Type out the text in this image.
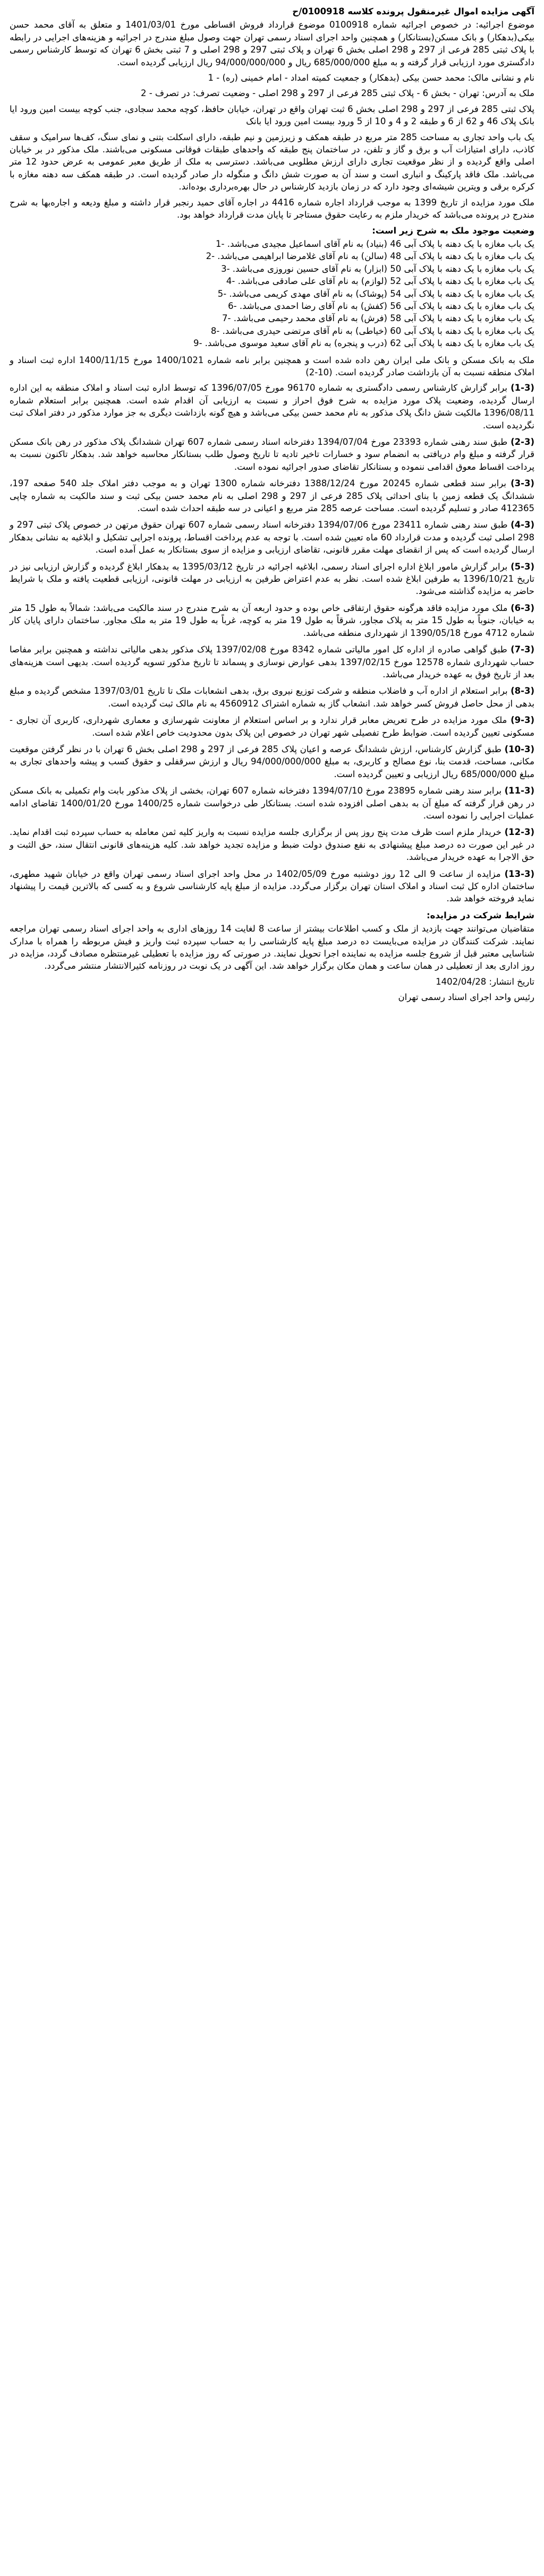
آگهی مزایده اموال غیرمنقول پرونده کلاسه 0100918/ح

موضوع اجرائیه: در خصوص اجرائیه شماره 0100918 موضوع قرارداد فروش اقساطی مورخ 1401/03/01 و متعلق به آقای محمد حسن بیکی(بدهکار) و بانک مسکن(بستانکار) و همچنین واحد اجرای اسناد رسمی تهران جهت وصول مبلغ مندرج در اجرائیه و هزینه‌های اجرایی در رابطه با پلاک ثبتی 285 فرعی از 297 و 298 اصلی بخش 6 تهران و پلاک ثبتی 297 و 298 اصلی و 7 ثبتی بخش 6 تهران که توسط کارشناس رسمی دادگستری مورد ارزیابی قرار گرفته و به مبلغ 685/000/000 ریال و 94/000/000/000 ریال ارزیابی گردیده است.

نام و نشانی مالک: محمد حسن بیکی (بدهکار) و جمعیت کمیته امداد - امام خمینی (ره) - 1

ملک به آدرس: تهران - بخش 6 - پلاک ثبتی 285 فرعی از 297 و 298 اصلی - وضعیت تصرف: در تصرف - 2

پلاک ثبتی 285 فرعی از 297 و 298 اصلی بخش 6 ثبت تهران واقع در تهران، خیابان حافظ، کوچه محمد سجادی، جنب کوچه بیست امین ورود ایا بانک پلاک 46 و 62 از 6 و طبقه 2 و 4 و 10 از 5 ورود بیست امین ورود ایا بانک

یک باب واحد تجاری به مساحت 285 متر مربع در طبقه همکف و زیرزمین و نیم طبقه، دارای اسکلت بتنی و نمای سنگ، کف‌ها سرامیک و سقف کاذب، دارای امتیازات آب و برق و گاز و تلفن، در ساختمان پنج طبقه که واحدهای طبقات فوقانی مسکونی می‌باشند. ملک مذکور در بر خیابان اصلی واقع گردیده و از نظر موقعیت تجاری دارای ارزش مطلوبی می‌باشد. دسترسی به ملک از طریق معبر عمومی به عرض حدود 12 متر می‌باشد. ملک فاقد پارکینگ و انباری است و سند آن به صورت شش دانگ و منگوله دار صادر گردیده است. در طبقه همکف سه دهنه مغازه با کرکره برقی و ویترین شیشه‌ای وجود دارد که در زمان بازدید کارشناس در حال بهره‌برداری بوده‌اند.

ملک مورد مزایده از تاریخ 1399 به موجب قرارداد اجاره شماره 4416 در اجاره آقای حمید رنجبر قرار داشته و مبلغ ودیعه و اجاره‌بها به شرح مندرج در پرونده می‌باشد که خریدار ملزم به رعایت حقوق مستاجر تا پایان مدت قرارداد خواهد بود.

وضعیت موجود ملک به شرح زیر است:

یک باب مغازه با یک دهنه با پلاک آبی 46 (بنیاد) به نام آقای اسماعیل مجیدی می‌باشد. -1

یک باب مغازه با یک دهنه با پلاک آبی 48 (سالن) به نام آقای غلامرضا ابراهیمی می‌باشد. -2

یک باب مغازه با یک دهنه با پلاک آبی 50 (ابزار) به نام آقای حسین نوروزی می‌باشد. -3

یک باب مغازه با یک دهنه با پلاک آبی 52 (لوازم) به نام آقای علی صادقی می‌باشد. -4

یک باب مغازه با یک دهنه با پلاک آبی 54 (پوشاک) به نام آقای مهدی کریمی می‌باشد. -5

یک باب مغازه با یک دهنه با پلاک آبی 56 (کفش) به نام آقای رضا احمدی می‌باشد. -6

یک باب مغازه با یک دهنه با پلاک آبی 58 (فرش) به نام آقای محمد رحیمی می‌باشد. -7

یک باب مغازه با یک دهنه با پلاک آبی 60 (خیاطی) به نام آقای مرتضی حیدری می‌باشد. -8

یک باب مغازه با یک دهنه با پلاک آبی 62 (درب و پنجره) به نام آقای سعید موسوی می‌باشد. -9

ملک به بانک مسکن و بانک ملی ایران رهن داده شده است و همچنین برابر نامه شماره 1400/1021 مورخ 1400/11/15 اداره ثبت اسناد و املاک منطقه نسبت به آن بازداشت صادر گردیده است. (10-2)

(1-3) برابر گزارش کارشناس رسمی دادگستری به شماره 96170 مورخ 1396/07/05 که توسط اداره ثبت اسناد و املاک منطقه به این اداره ارسال گردیده، وضعیت پلاک مورد مزایده به شرح فوق احراز و نسبت به ارزیابی آن اقدام شده است. همچنین برابر استعلام شماره 1396/08/11 مالکیت شش دانگ پلاک مذکور به نام محمد حسن بیکی می‌باشد و هیچ گونه بازداشت دیگری به جز موارد مذکور در دفتر املاک ثبت نگردیده است.

(2-3) طبق سند رهنی شماره 23393 مورخ 1394/07/04 دفترخانه اسناد رسمی شماره 607 تهران ششدانگ پلاک مذکور در رهن بانک مسکن قرار گرفته و مبلغ وام دریافتی به انضمام سود و خسارات تاخیر تادیه تا تاریخ وصول طلب بستانکار محاسبه خواهد شد. بدهکار تاکنون نسبت به پرداخت اقساط معوق اقدامی ننموده و بستانکار تقاضای صدور اجرائیه نموده است.

(3-3) برابر سند قطعی شماره 20245 مورخ 1388/12/24 دفترخانه شماره 1300 تهران و به موجب دفتر املاک جلد 540 صفحه 197، ششدانگ یک قطعه زمین با بنای احداثی پلاک 285 فرعی از 297 و 298 اصلی به نام محمد حسن بیکی ثبت و سند مالکیت به شماره چاپی 412365 صادر و تسلیم گردیده است. مساحت عرصه 285 متر مربع و اعیانی در سه طبقه احداث شده است.

(4-3) طبق سند رهنی شماره 23411 مورخ 1394/07/06 دفترخانه اسناد رسمی شماره 607 تهران حقوق مرتهن در خصوص پلاک ثبتی 297 و 298 اصلی ثبت گردیده و مدت قرارداد 60 ماه تعیین شده است. با توجه به عدم پرداخت اقساط، پرونده اجرایی تشکیل و ابلاغیه به نشانی بدهکار ارسال گردیده است که پس از انقضای مهلت مقرر قانونی، تقاضای ارزیابی و مزایده از سوی بستانکار به عمل آمده است.

(5-3) برابر گزارش مامور ابلاغ اداره اجرای اسناد رسمی، ابلاغیه اجرائیه در تاریخ 1395/03/12 به بدهکار ابلاغ گردیده و گزارش ارزیابی نیز در تاریخ 1396/10/21 به طرفین ابلاغ شده است. نظر به عدم اعتراض طرفین به ارزیابی در مهلت قانونی، ارزیابی قطعیت یافته و ملک با شرایط حاضر به مزایده گذاشته می‌شود.

(6-3) ملک مورد مزایده فاقد هرگونه حقوق ارتفاقی خاص بوده و حدود اربعه آن به شرح مندرج در سند مالکیت می‌باشد: شمالاً به طول 15 متر به خیابان، جنوباً به طول 15 متر به پلاک مجاور، شرقاً به طول 19 متر به کوچه، غرباً به طول 19 متر به ملک مجاور. ساختمان دارای پایان کار شماره 4712 مورخ 1390/05/18 از شهرداری منطقه می‌باشد.

(7-3) طبق گواهی صادره از اداره کل امور مالیاتی شماره 8342 مورخ 1397/02/08 پلاک مذکور بدهی مالیاتی نداشته و همچنین برابر مفاصا حساب شهرداری شماره 12578 مورخ 1397/02/15 بدهی عوارض نوسازی و پسماند تا تاریخ مذکور تسویه گردیده است. بدیهی است هزینه‌های بعد از تاریخ فوق به عهده خریدار می‌باشد.

(8-3) برابر استعلام از اداره آب و فاضلاب منطقه و شرکت توزیع نیروی برق، بدهی انشعابات ملک تا تاریخ 1397/03/01 مشخص گردیده و مبلغ بدهی از محل حاصل فروش کسر خواهد شد. انشعاب گاز به شماره اشتراک 4560912 به نام مالک ثبت گردیده است.

(9-3) ملک مورد مزایده در طرح تعریض معابر قرار ندارد و بر اساس استعلام از معاونت شهرسازی و معماری شهرداری، کاربری آن تجاری - مسکونی تعیین گردیده است. ضوابط طرح تفصیلی شهر تهران در خصوص این پلاک بدون محدودیت خاص اعلام شده است.

(10-3) طبق گزارش کارشناس، ارزش ششدانگ عرصه و اعیان پلاک 285 فرعی از 297 و 298 اصلی بخش 6 تهران با در نظر گرفتن موقعیت مکانی، مساحت، قدمت بنا، نوع مصالح و کاربری، به مبلغ 94/000/000/000 ریال و ارزش سرقفلی و حقوق کسب و پیشه واحدهای تجاری به مبلغ 685/000/000 ریال ارزیابی و تعیین گردیده است.

(11-3) برابر سند رهنی شماره 23895 مورخ 1394/07/10 دفترخانه شماره 607 تهران، بخشی از پلاک مذکور بابت وام تکمیلی به بانک مسکن در رهن قرار گرفته که مبلغ آن به بدهی اصلی افزوده شده است. بستانکار طی درخواست شماره 1400/25 مورخ 1400/01/20 تقاضای ادامه عملیات اجرایی را نموده است.

(12-3) خریدار ملزم است ظرف مدت پنج روز پس از برگزاری جلسه مزایده نسبت به واریز کلیه ثمن معامله به حساب سپرده ثبت اقدام نماید. در غیر این صورت ده درصد مبلغ پیشنهادی به نفع صندوق دولت ضبط و مزایده تجدید خواهد شد. کلیه هزینه‌های قانونی انتقال سند، حق الثبت و حق الاجرا به عهده خریدار می‌باشد.

(13-3) مزایده از ساعت 9 الی 12 روز دوشنبه مورخ 1402/05/09 در محل واحد اجرای اسناد رسمی تهران واقع در خیابان شهید مطهری، ساختمان اداره کل ثبت اسناد و املاک استان تهران برگزار می‌گردد. مزایده از مبلغ پایه کارشناسی شروع و به کسی که بالاترین قیمت را پیشنهاد نماید فروخته خواهد شد.

شرایط شرکت در مزایده:

متقاضیان می‌توانند جهت بازدید از ملک و کسب اطلاعات بیشتر از ساعت 8 لغایت 14 روزهای اداری به واحد اجرای اسناد رسمی تهران مراجعه نمایند. شرکت کنندگان در مزایده می‌بایست ده درصد مبلغ پایه کارشناسی را به حساب سپرده ثبت واریز و فیش مربوطه را همراه با مدارک شناسایی معتبر قبل از شروع جلسه مزایده به نماینده اجرا تحویل نمایند. در صورتی که روز مزایده با تعطیلی غیرمنتظره مصادف گردد، مزایده در روز اداری بعد از تعطیلی در همان ساعت و همان مکان برگزار خواهد شد. این آگهی در یک نوبت در روزنامه کثیرالانتشار منتشر می‌گردد.

تاریخ انتشار: 1402/04/28

رئیس واحد اجرای اسناد رسمی تهران
